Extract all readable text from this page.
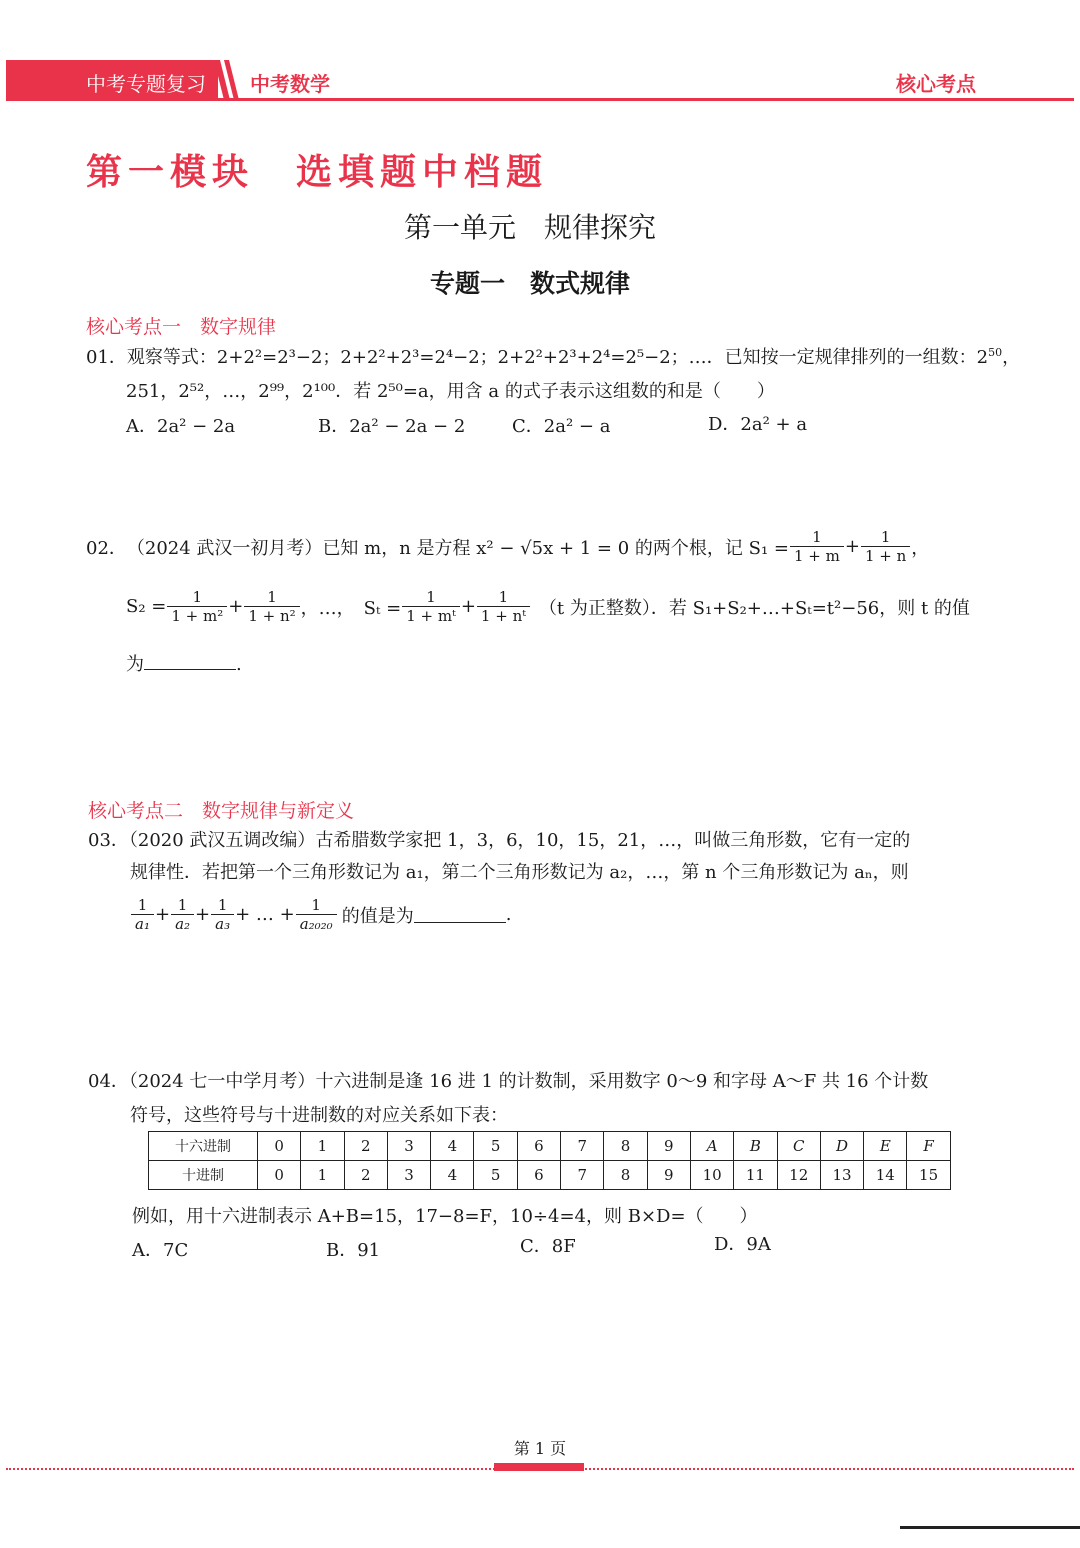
中考专题复习 中考数学	核心考点
第一模块　选填题中档题
第一单元　规律探究
专题一　数式规律
核心考点一　数字规律
01．观察等式：2+2²=2³−2；2+2²+2³=2⁴−2；2+2²+2³+2⁴=2⁵−2；…．已知按一定规律排列的一组数：$2^{50}$，
251，2⁵²，…，2⁹⁹，2¹⁰⁰．若 2⁵⁰=a，用含 a 的式子表示这组数的和是（　　）
A．2a² − 2a	B．2a² − 2a − 2	C．2a² − a	D．2a² + a
02． （2024 武汉一初月考） 已知 m，n 是方程 x² − √5x + 1 = 0 的两个根，记 $S_1 = \frac{1}{1 + m} + \frac{1}{1 + n}$ ，
$S_2 = \frac{1}{\text{1 + m²}} + \frac{1}{\text{1 + n²}}$ ，…，　$S_t = \frac{1}{\text{1 + mᵗ}} + \frac{1}{\text{1 + nᵗ}} (t$ 为正整数）．若 S₁+S₂+…+Sₜ=t²−56，则 t 的值
为	.
核心考点二　数字规律与新定义
03．（2020 武汉五调改编）古希腊数学家把 1，3，6，10，15，21，…，叫做三角形数，它有一定的
规律性．若把第一个三角形数记为 a₁，第二个三角形数记为 a₂，…，第 n 个三角形数记为 aₙ，则
$\frac{1}{\text{a₁}} + \frac{1}{\text{a₂}} + \frac{1}{\text{a₃}}$ + … + $\frac{1}{\text{a₂₀₂₀}}$ 的值是为	.
04．（2024 七一中学月考）十六进制是逢 16 进 1 的计数制，采用数字 0～9 和字母 A～F 共 16 个计数
符号，这些符号与十进制数的对应关系如下表：
十六进制	0	1	2	3	4	5	6	7	8	9	A	B	C	D	E	F
十进制	0	1	2	3	4	5	6	7	8	9	10	11	12	13	14	15
例如，用十六进制表示 A+B=15，17−8=F，10÷4=4，则 B×D=（　　）
A．7C	B．91	C．8F	D．9A
第 1 页
